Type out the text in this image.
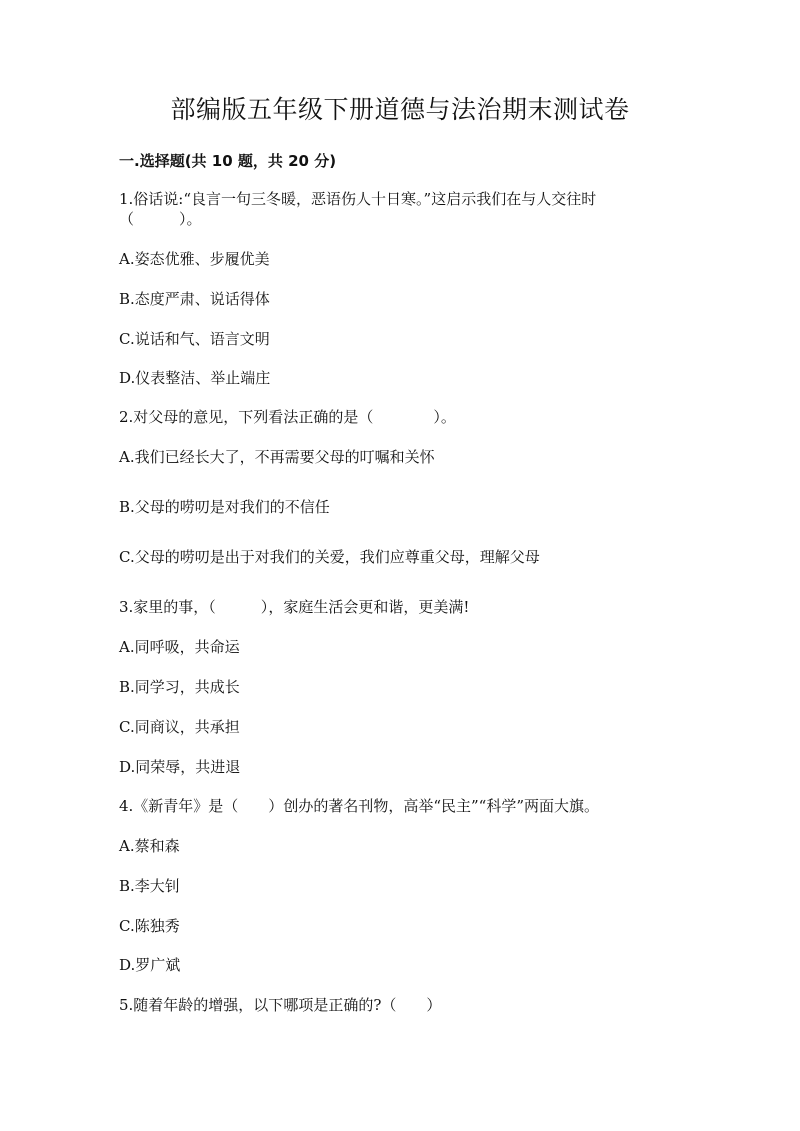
部编版五年级下册道德与法治期末测试卷
一.选择题(共 10 题，共 20 分)
1.俗话说:“良言一句三冬暖，恶语伤人十日寒。”这启示我们在与人交往时
（　　　）。
A.姿态优雅、步履优美
B.态度严肃、说话得体
C.说话和气、语言文明
D.仪表整洁、举止端庄
2.对父母的意见，下列看法正确的是（　　　　）。
A.我们已经长大了，不再需要父母的叮嘱和关怀
B.父母的唠叨是对我们的不信任
C.父母的唠叨是出于对我们的关爱，我们应尊重父母，理解父母
3.家里的事，（　　　），家庭生活会更和谐，更美满!
A.同呼吸，共命运
B.同学习，共成长
C.同商议，共承担
D.同荣辱，共进退
4.《新青年》是（　　）创办的著名刊物，高举“民主”“科学”两面大旗。
A.蔡和森
B.李大钊
C.陈独秀
D.罗广斌
5.随着年龄的增强，以下哪项是正确的?（　　）
